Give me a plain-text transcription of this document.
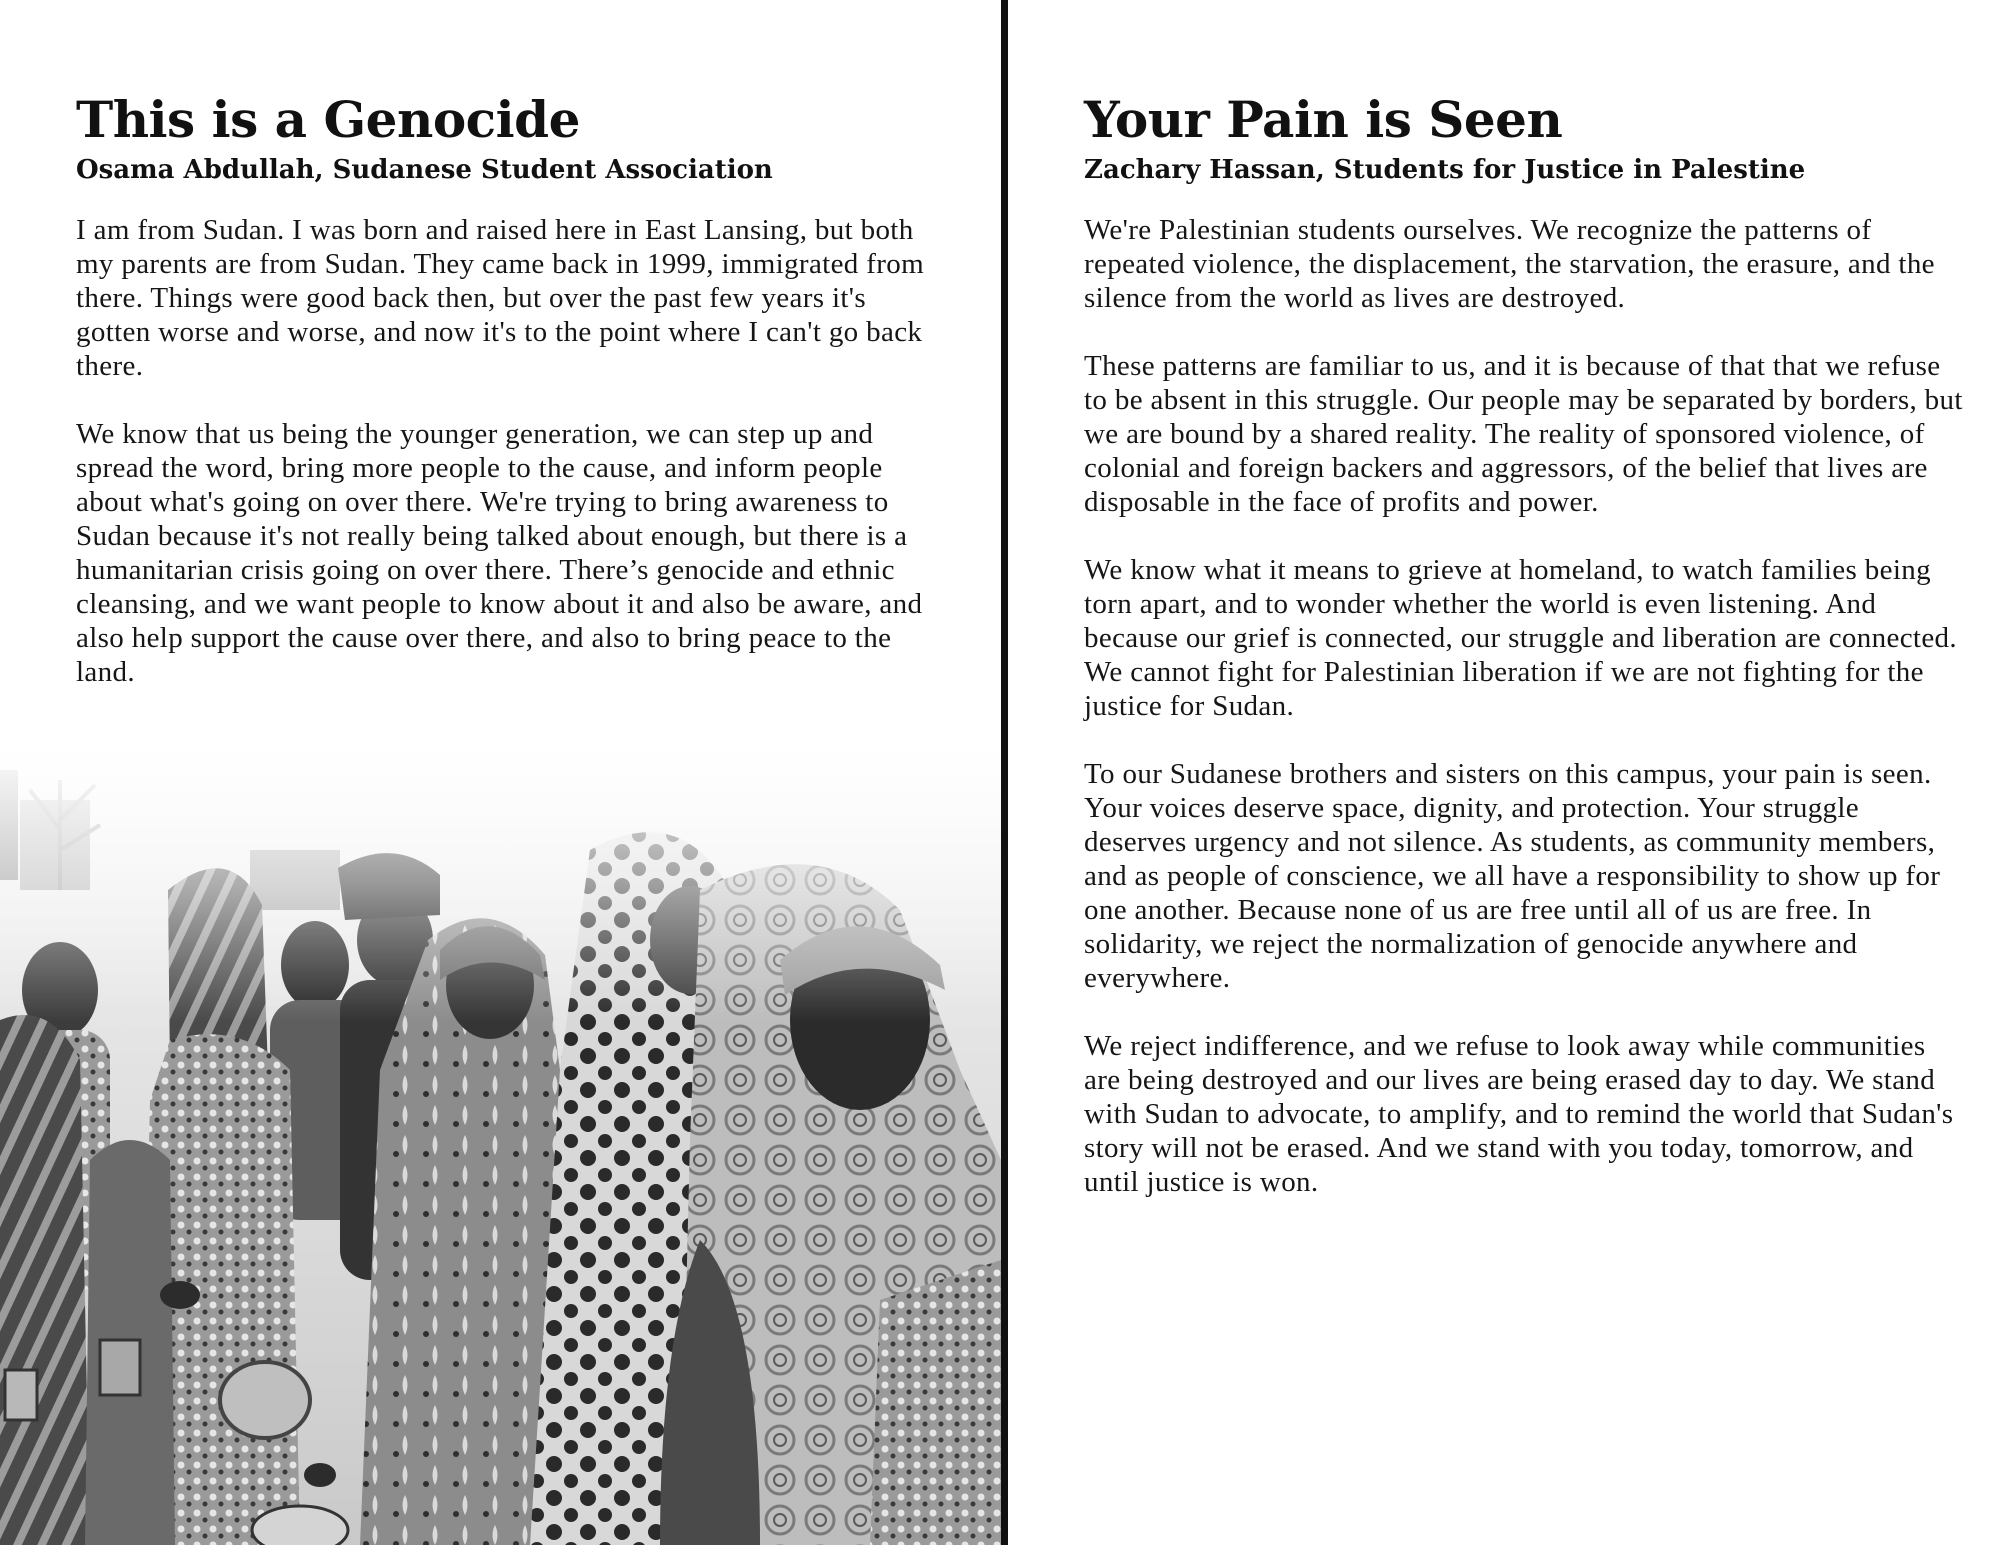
This is a Genocide
Osama Abdullah, Sudanese Student Association

I am from Sudan. I was born and raised here in East Lansing, but both my parents are from Sudan. They came back in 1999, immigrated from there. Things were good back then, but over the past few years it's gotten worse and worse, and now it's to the point where I can't go back there.

We know that us being the younger generation, we can step up and spread the word, bring more people to the cause, and inform people about what's going on over there. We're trying to bring awareness to Sudan because it's not really being talked about enough, but there is a humanitarian crisis going on over there. There’s genocide and ethnic cleansing, and we want people to know about it and also be aware, and also help support the cause over there, and also to bring peace to the land.

Your Pain is Seen
Zachary Hassan, Students for Justice in Palestine

We're Palestinian students ourselves. We recognize the patterns of repeated violence, the displacement, the starvation, the erasure, and the silence from the world as lives are destroyed.

These patterns are familiar to us, and it is because of that that we refuse to be absent in this struggle. Our people may be separated by borders, but we are bound by a shared reality. The reality of sponsored violence, of colonial and foreign backers and aggressors, of the belief that lives are disposable in the face of profits and power.

We know what it means to grieve at homeland, to watch families being torn apart, and to wonder whether the world is even listening. And because our grief is connected, our struggle and liberation are connected. We cannot fight for Palestinian liberation if we are not fighting for the justice for Sudan.

To our Sudanese brothers and sisters on this campus, your pain is seen. Your voices deserve space, dignity, and protection. Your struggle deserves urgency and not silence. As students, as community members, and as people of conscience, we all have a responsibility to show up for one another. Because none of us are free until all of us are free. In solidarity, we reject the normalization of genocide anywhere and everywhere.

We reject indifference, and we refuse to look away while communities are being destroyed and our lives are being erased day to day. We stand with Sudan to advocate, to amplify, and to remind the world that Sudan's story will not be erased. And we stand with you today, tomorrow, and until justice is won.
